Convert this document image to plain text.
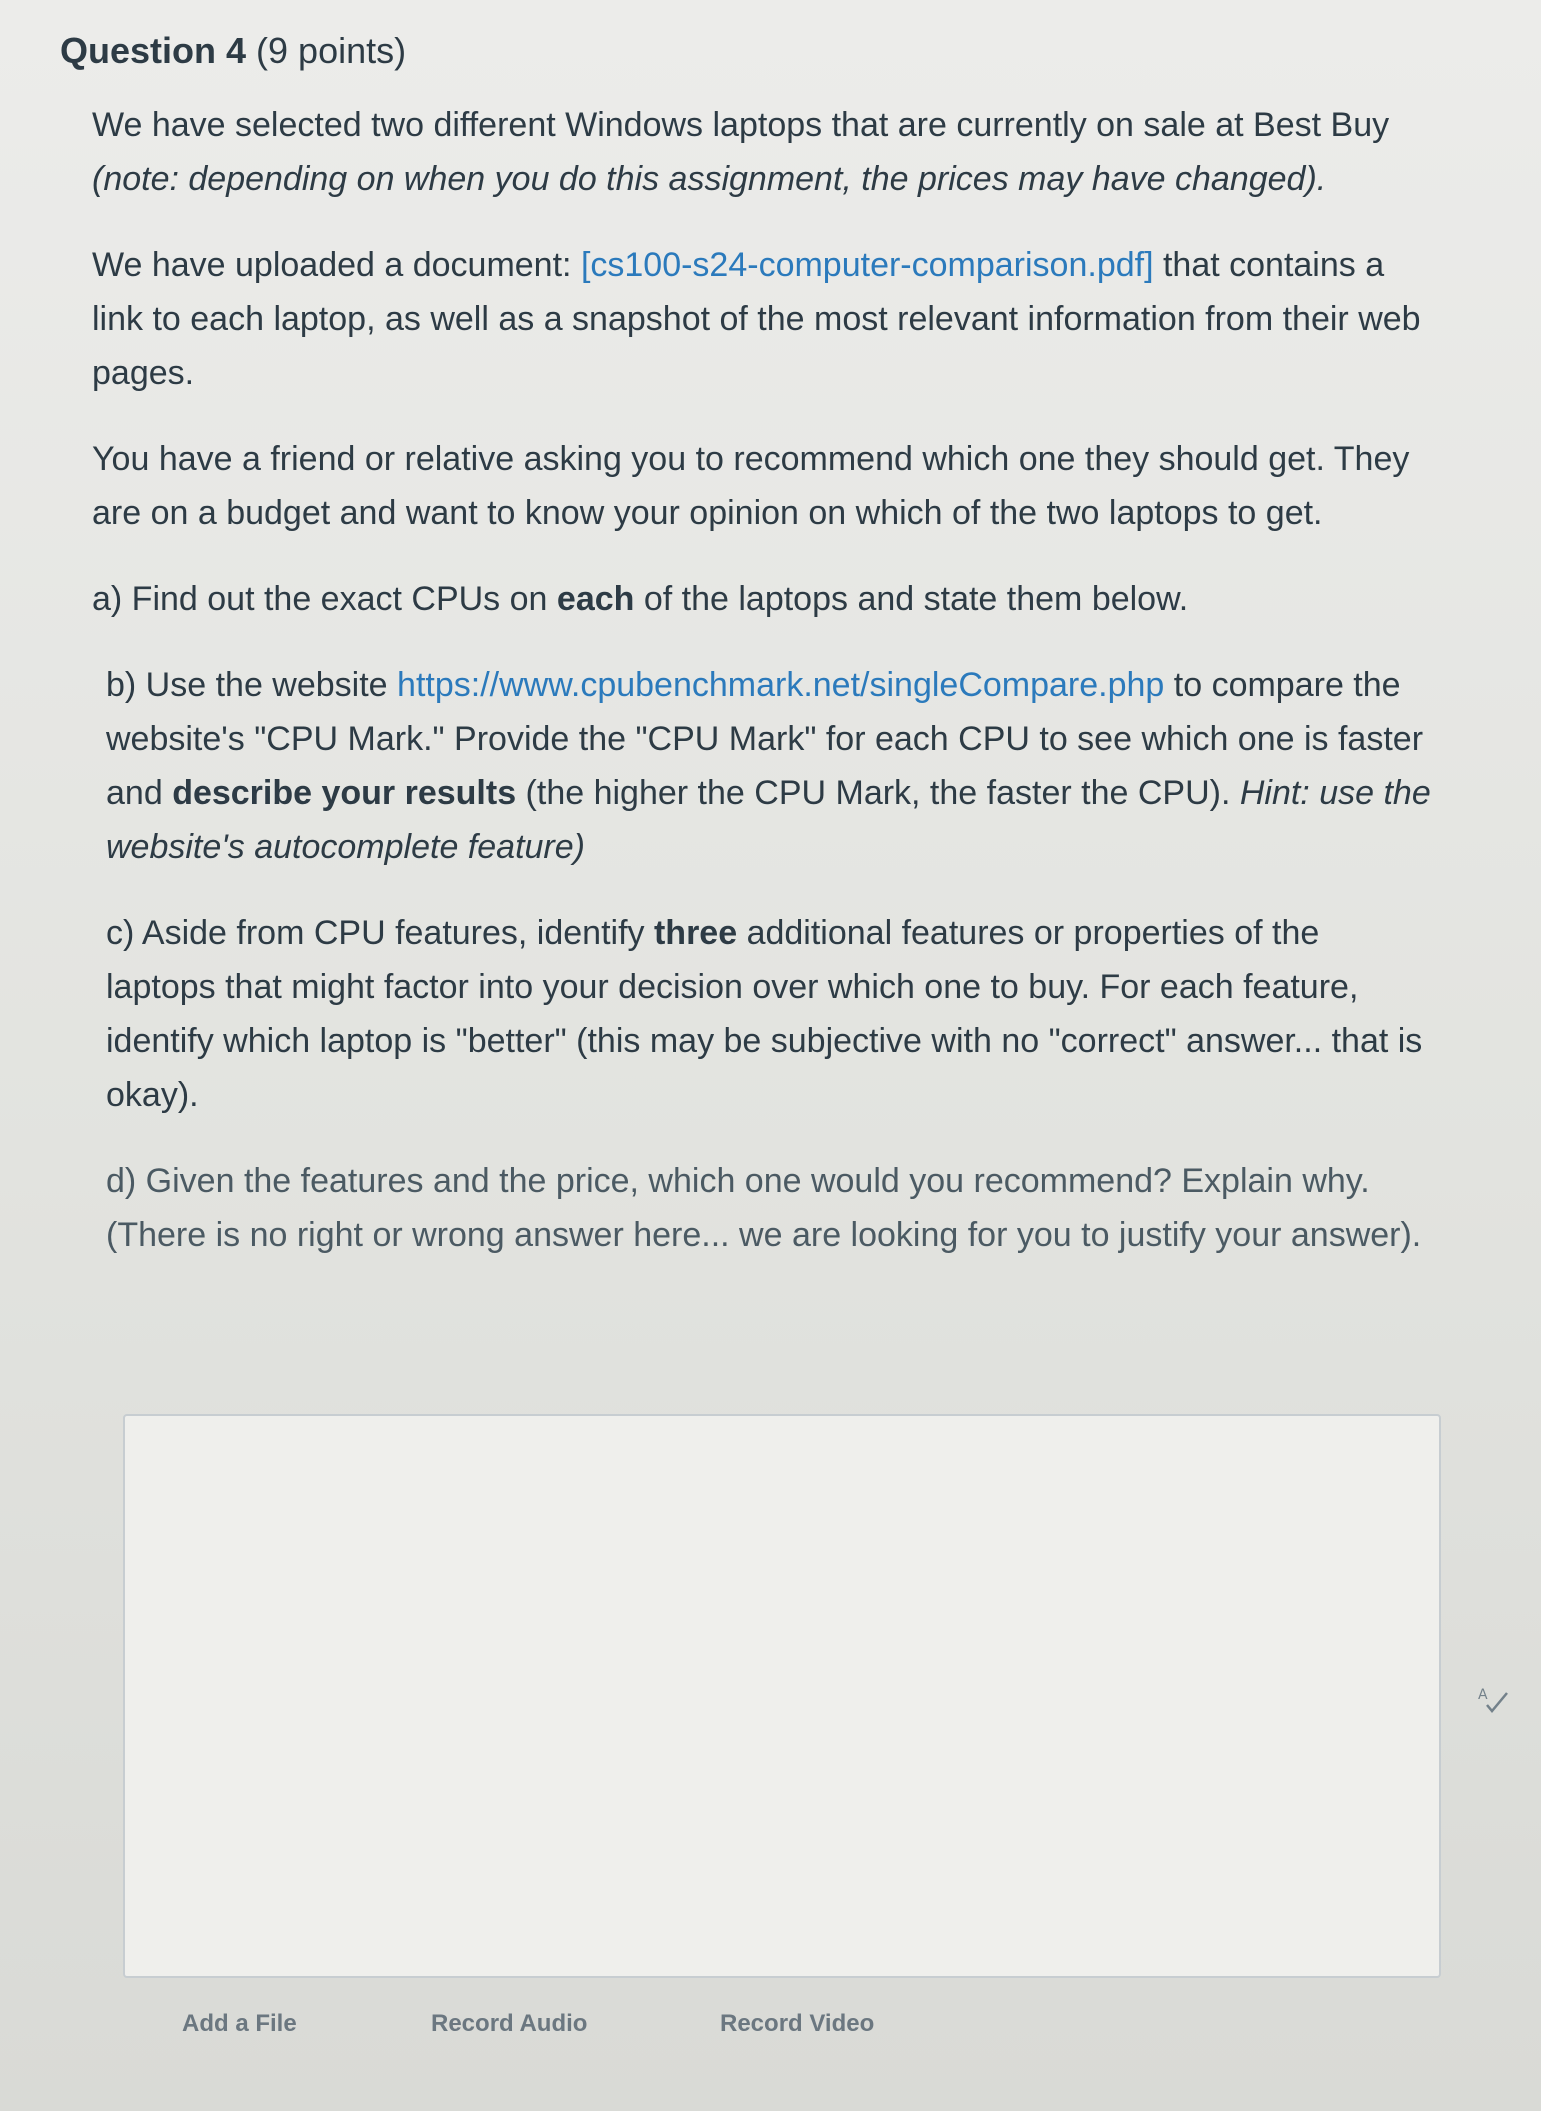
Question 4 (9 points)

We have selected two different Windows laptops that are currently on sale at Best Buy (note: depending on when you do this assignment, the prices may have changed).

We have uploaded a document: [cs100-s24-computer-comparison.pdf] that contains a link to each laptop, as well as a snapshot of the most relevant information from their web pages.

You have a friend or relative asking you to recommend which one they should get. They are on a budget and want to know your opinion on which of the two laptops to get.

a) Find out the exact CPUs on each of the laptops and state them below.

b) Use the website https://www.cpubenchmark.net/singleCompare.php to compare the website's "CPU Mark." Provide the "CPU Mark" for each CPU to see which one is faster and describe your results (the higher the CPU Mark, the faster the CPU). Hint: use the website's autocomplete feature)

c) Aside from CPU features, identify three additional features or properties of the laptops that might factor into your decision over which one to buy. For each feature, identify which laptop is "better" (this may be subjective with no "correct" answer... that is okay).

d) Given the features and the price, which one would you recommend? Explain why. (There is no right or wrong answer here... we are looking for you to justify your answer).

A
Add a File	Record Audio	Record Video
